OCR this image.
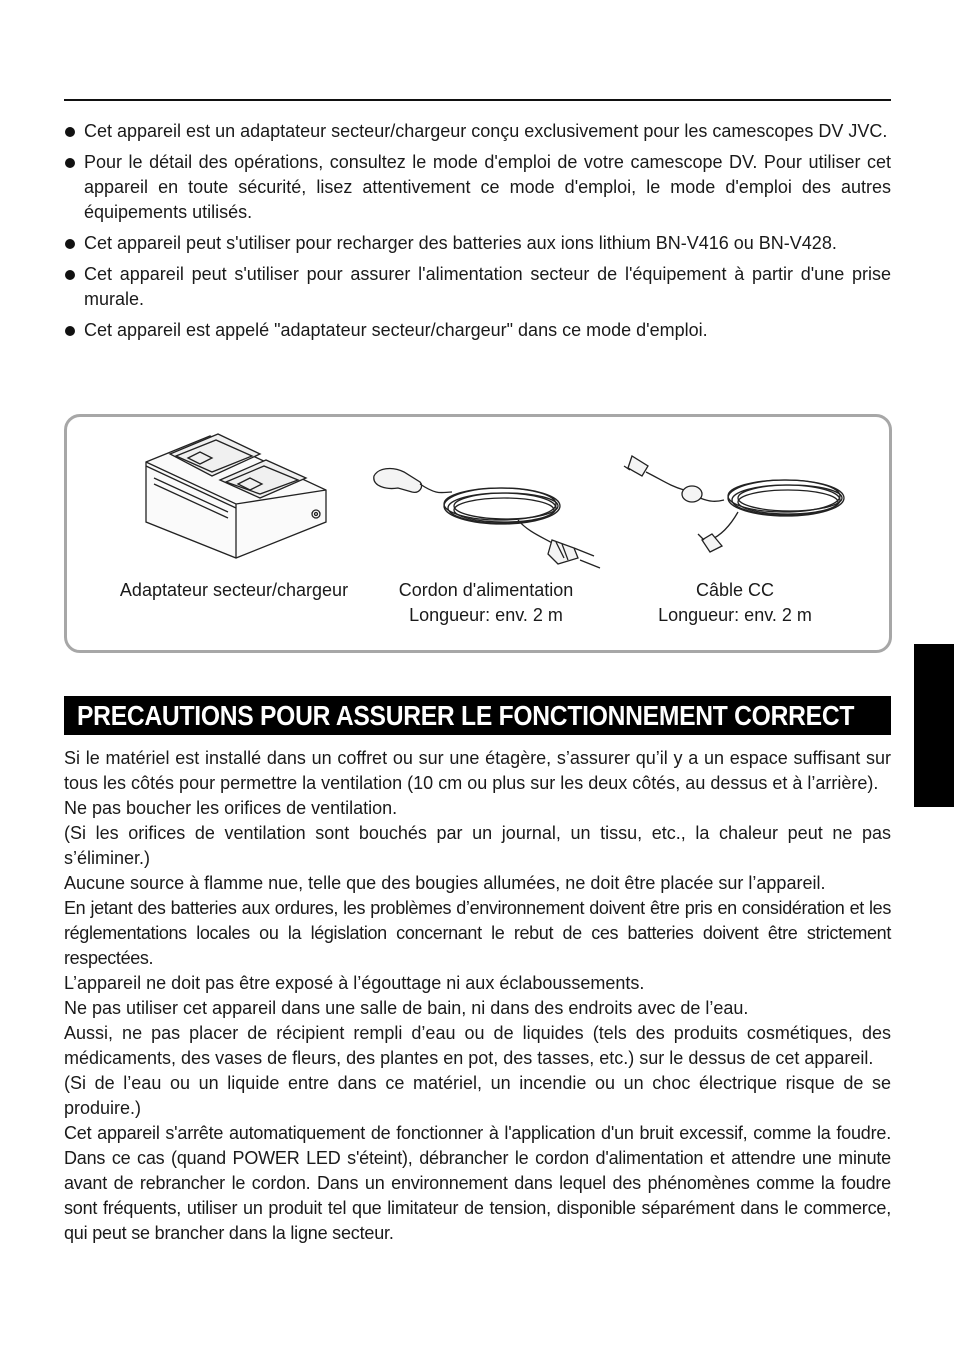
Cet appareil est un adaptateur secteur/chargeur conçu exclusivement pour les camescopes DV JVC.
Pour le détail des opérations, consultez le mode d'emploi de votre camescope DV. Pour utiliser cet appareil en toute sécurité, lisez attentivement ce mode d'emploi, le mode d'emploi des autres équipements utilisés.
Cet appareil peut s'utiliser pour recharger des batteries aux ions lithium BN-V416 ou BN-V428.
Cet appareil peut s'utiliser pour assurer l'alimentation secteur de l'équipement à partir d'une prise murale.
Cet appareil est appelé "adaptateur secteur/chargeur" dans ce mode d'emploi.
Adaptateur secteur/chargeur	Cordon d'alimentation
Longueur: env. 2 m
Câble CC
Longueur: env. 2 m
PRECAUTIONS POUR ASSURER LE FONCTIONNEMENT CORRECT

Si le matériel est installé dans un coffret ou sur une étagère, s’assurer qu’il y a un espace suffisant sur tous les côtés pour permettre la ventilation (10 cm ou plus sur les deux côtés, au dessus et à l’arrière).

Ne pas boucher les orifices de ventilation.

(Si les orifices de ventilation sont bouchés par un journal, un tissu, etc., la chaleur peut ne pas s’éliminer.)

Aucune source à flamme nue, telle que des bougies allumées, ne doit être placée sur l’appareil.

En jetant des batteries aux ordures, les problèmes d’environnement doivent être pris en considération et les réglementations locales ou la législation concernant le rebut de ces batteries doivent être strictement respectées.

L’appareil ne doit pas être exposé à l’égouttage ni aux éclaboussements.

Ne pas utiliser cet appareil dans une salle de bain, ni dans des endroits avec de l’eau.

Aussi, ne pas placer de récipient rempli d’eau ou de liquides (tels des produits cosmétiques, des médicaments, des vases de fleurs, des plantes en pot, des tasses, etc.) sur le dessus de cet appareil.

(Si de l’eau ou un liquide entre dans ce matériel, un incendie ou un choc électrique risque de se produire.)

Cet appareil s'arrête automatiquement de fonctionner à l'application d'un bruit excessif, comme la foudre. Dans ce cas (quand POWER LED s'éteint), débrancher le cordon d'alimentation et attendre une minute avant de rebrancher le cordon. Dans un environnement dans lequel des phénomènes comme la foudre sont fréquents, utiliser un produit tel que limitateur de tension, disponible séparément dans le commerce, qui peut se brancher dans la ligne secteur.
